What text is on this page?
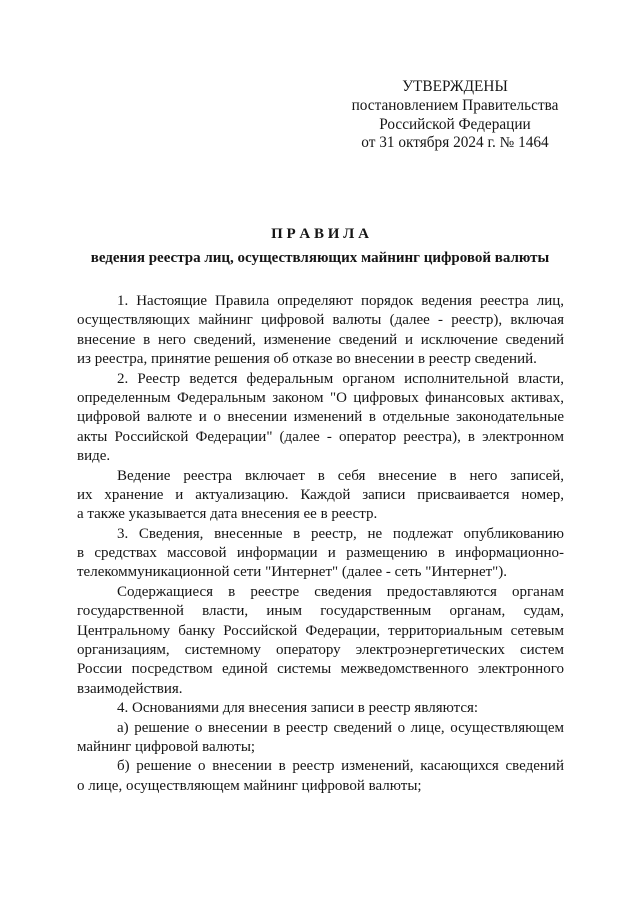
УТВЕРЖДЕНЫ
постановлением Правительства
Российской Федерации
от 31 октября 2024 г. № 1464
П Р А В И Л А
ведения реестра лиц, осуществляющих майнинг цифровой валюты
1. Настоящие Правила определяют порядок ведения реестра лиц,
осуществляющих майнинг цифровой валюты (далее - реестр), включая
внесение в него сведений, изменение сведений и исключение сведений
из реестра, принятие решения об отказе во внесении в реестр сведений.
2. Реестр ведется федеральным органом исполнительной власти,
определенным Федеральным законом "О цифровых финансовых активах,
цифровой валюте и о внесении изменений в отдельные законодательные
акты Российской Федерации" (далее - оператор реестра), в электронном
виде.
Ведение реестра включает в себя внесение в него записей,
их хранение и актуализацию. Каждой записи присваивается номер,
а также указывается дата внесения ее в реестр.
3. Сведения, внесенные в реестр, не подлежат опубликованию
в средствах массовой информации и размещению в информационно-
телекоммуникационной сети "Интернет" (далее - сеть "Интернет").
Содержащиеся в реестре сведения предоставляются органам
государственной власти, иным государственным органам, судам,
Центральному банку Российской Федерации, территориальным сетевым
организациям, системному оператору электроэнергетических систем
России посредством единой системы межведомственного электронного
взаимодействия.
4. Основаниями для внесения записи в реестр являются:
а) решение о внесении в реестр сведений о лице, осуществляющем
майнинг цифровой валюты;
б) решение о внесении в реестр изменений, касающихся сведений
о лице, осуществляющем майнинг цифровой валюты;
